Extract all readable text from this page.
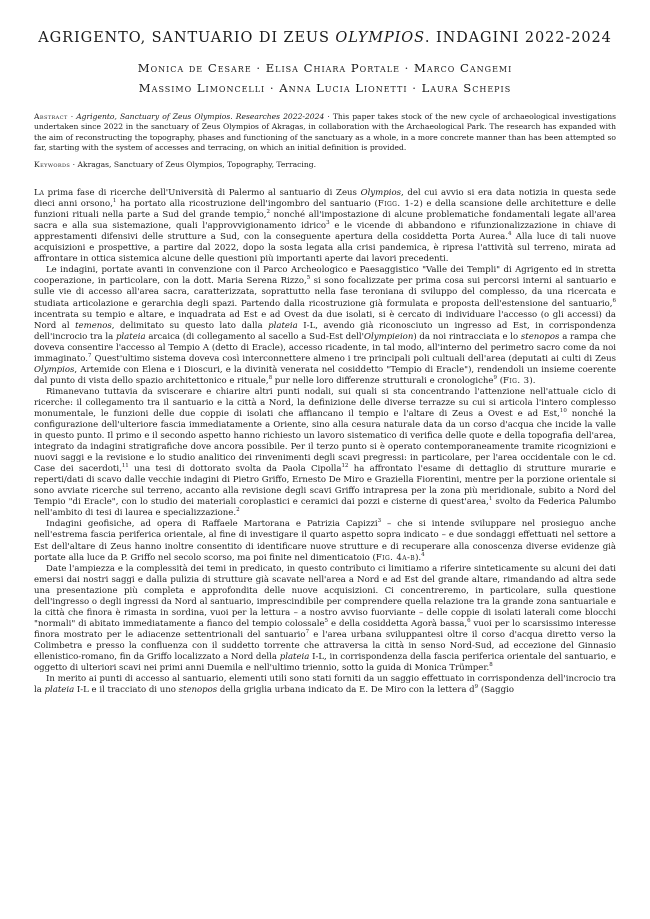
AGRIGENTO, SANTUARIO DI ZEUS OLYMPIOS. INDAGINI 2022-2024
Monica de Cesare · Elisa Chiara Portale · Marco Cangemi
Massimo Limoncelli · Anna Lucia Lionetti · Laura Schepis
Abstract · Agrigento, Sanctuary of Zeus Olympios. Researches 2022-2024 · This paper takes stock of the new cycle of archaeological investigations undertaken since 2022 in the sanctuary of Zeus Olympios of Akragas, in collaboration with the Archaeological Park. The research has expanded with the aim of reconstructing the topography, phases and functioning of the sanctuary as a whole, in a more concrete manner than has been attempted so far, starting with the system of accesses and terracing, on which an initial definition is provided.
Keywords · Akragas, Sanctuary of Zeus Olympios, Topography, Terracing.

La prima fase di ricerche dell'Università di Palermo al santuario di Zeus Olympios, del cui avvio si era data notizia in questa sede dieci anni orsono,$^1$ ha portato alla ricostruzione dell'ingombro del santuario (Figg. 1-2) e della scansione delle architetture e delle funzioni rituali nella parte a Sud del grande tempio,$^2$ nonché all'impostazione di alcune problematiche fondamentali legate all'area sacra e alla sua sistemazione, quali l'approvvigionamento idrico$^3$ e le vicende di abbandono e rifunzionalizzazione in chiave di apprestamenti difensivi delle strutture a Sud, con la conseguente apertura della cosiddetta Porta Aurea.$^4$ Alla luce di tali nuove acquisizioni e prospettive, a partire dal 2022, dopo la sosta legata alla crisi pandemica, è ripresa l'attività sul terreno, mirata ad affrontare in ottica sistemica alcune delle questioni più importanti aperte dai lavori precedenti.

Le indagini, portate avanti in convenzione con il Parco Archeologico e Paesaggistico "Valle dei Templi" di Agrigento ed in stretta cooperazione, in particolare, con la dott. Maria Serena Rizzo,$^5$ si sono focalizzate per prima cosa sui percorsi interni al santuario e sulle vie di accesso all'area sacra, caratterizzata, soprattutto nella fase teroniana di sviluppo del complesso, da una ricercata e studiata articolazione e gerarchia degli spazi. Partendo dalla ricostruzione già formulata e proposta dell'estensione del santuario,$^6$ incentrata su tempio e altare, e inquadrata ad Est e ad Ovest da due isolati, si è cercato di individuare l'accesso (o gli accessi) da Nord al temenos, delimitato su questo lato dalla plateia I-L, avendo già riconosciuto un ingresso ad Est, in corrispondenza dell'incrocio tra la plateia arcaica (di collegamento al sacello a Sud-Est dell'Olympieion) da noi rintracciata e lo stenopos a rampa che doveva consentire l'accesso al Tempio A (detto di Eracle), accesso ricadente, in tal modo, all'interno del perimetro sacro come da noi immaginato.$^7$ Quest'ultimo sistema doveva così interconnettere almeno i tre principali poli cultuali dell'area (deputati ai culti di Zeus Olympios, Artemide con Elena e i Dioscuri, e la divinità venerata nel cosiddetto "Tempio di Eracle"), rendendoli un insieme coerente dal punto di vista dello spazio architettonico e rituale,$^8$ pur nelle loro differenze strutturali e cronologiche$^9$ (Fig. 3).

Rimanevano tuttavia da sviscerare e chiarire altri punti nodali, sui quali si sta concentrando l'attenzione nell'attuale ciclo di ricerche: il collegamento tra il santuario e la città a Nord, la definizione delle diverse terrazze su cui si articola l'intero complesso monumentale, le funzioni delle due coppie di isolati che affiancano il tempio e l'altare di Zeus a Ovest e ad Est,$^{10}$ nonché la configurazione dell'ulteriore fascia immediatamente a Oriente, sino alla cesura naturale data da un corso d'acqua che incide la valle in questo punto. Il primo e il secondo aspetto hanno richiesto un lavoro sistematico di verifica delle quote e della topografia dell'area, integrato da indagini stratigrafiche dove ancora possibile. Per il terzo punto si è operato contemporaneamente tramite ricognizioni e nuovi saggi e la revisione e lo studio analitico dei rinvenimenti degli scavi pregressi: in particolare, per l'area occidentale con le cd. Case dei sacerdoti,$^{11}$ una tesi di dottorato svolta da Paola Cipolla$^{12}$ ha affrontato l'esame di dettaglio di strutture murarie e reperti/dati di scavo dalle vecchie indagini di Pietro Griffo, Ernesto De Miro e Graziella Fiorentini, mentre per la porzione orientale si sono avviate ricerche sul terreno, accanto alla revisione degli scavi Griffo intrapresa per la zona più meridionale, subito a Nord del Tempio "di Eracle", con lo studio dei materiali coroplastici e ceramici dai pozzi e cisterne di quest'area,$^1$ svolto da Federica Palumbo nell'ambito di tesi di laurea e specializzazione.$^2$

Indagini geofisiche, ad opera di Raffaele Martorana e Patrizia Capizzi$^3$ – che si intende sviluppare nel prosieguo anche nell'estrema fascia periferica orientale, al fine di investigare il quarto aspetto sopra indicato – e due sondaggi effettuati nel settore a Est dell'altare di Zeus hanno inoltre consentito di identificare nuove strutture e di recuperare alla conoscenza diverse evidenze già portate alla luce da P. Griffo nel secolo scorso, ma poi finite nel dimenticatoio (Fig. 4a-b).$^4$

Date l'ampiezza e la complessità dei temi in predicato, in questo contributo ci limitiamo a riferire sinteticamente su alcuni dei dati emersi dai nostri saggi e dalla pulizia di strutture già scavate nell'area a Nord e ad Est del grande altare, rimandando ad altra sede una presentazione più completa e approfondita delle nuove acquisizioni. Ci concentreremo, in particolare, sulla questione dell'ingresso o degli ingressi da Nord al santuario, imprescindibile per comprendere quella relazione tra la grande zona santuariale e la città che finora è rimasta in sordina, vuoi per la lettura – a nostro avviso fuorviante – delle coppie di isolati laterali come blocchi "normali" di abitato immediatamente a fianco del tempio colossale$^5$ e della cosiddetta Agorà bassa,$^6$ vuoi per lo scarsissimo interesse finora mostrato per le adiacenze settentrionali del santuario$^7$ e l'area urbana sviluppantesi oltre il corso d'acqua diretto verso la Colimbetra e presso la confluenza con il suddetto torrente che attraversa la città in senso Nord-Sud, ad eccezione del Ginnasio ellenistico-romano, fin da Griffo localizzato a Nord della plateia I-L, in corrispondenza della fascia periferica orientale del santuario, e oggetto di ulteriori scavi nei primi anni Duemila e nell'ultimo triennio, sotto la guida di Monica Trümper.$^8$

In merito ai punti di accesso al santuario, elementi utili sono stati forniti da un saggio effettuato in corrispondenza dell'incrocio tra la plateia I-L e il tracciato di uno stenopos della griglia urbana indicato da E. De Miro con la lettera $d^9$ (Saggio
